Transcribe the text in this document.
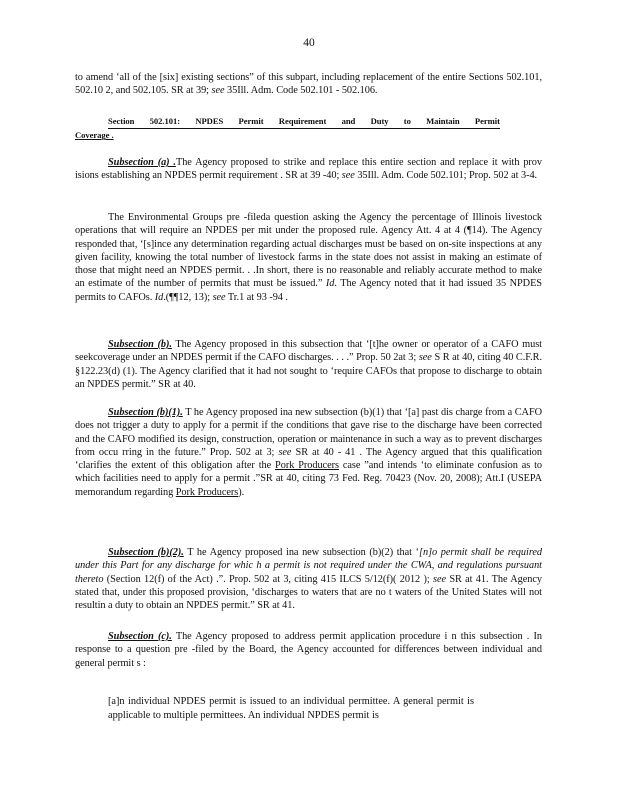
40

to amend ‘all of the [six] existing sections” of this subpart, including replacement of the entire Sections 502.101, 502.10 2, and 502.105. SR at 39; see 35Ill. Adm. Code 502.101 - 502.106.

Section 502.101: NPDES Permit Requirement and Duty to Maintain Permit
Coverage .

Subsection (a) .The Agency proposed to strike and replace this entire section and replace it with prov isions establishing an NPDES permit requirement . SR at 39 -40; see 35Ill. Adm. Code 502.101; Prop. 502 at 3-4.

The Environmental Groups pre -fileda question asking the Agency the percentage of Illinois livestock operations that will require an NPDES per mit under the proposed rule. Agency Att. 4 at 4 (¶14). The Agency responded that, ‘[s]ince any determination regarding actual discharges must be based on on-site inspections at any given facility, knowing the total number of livestock farms in the state does not assist in making an estimate of those that might need an NPDES permit. . .In short, there is no reasonable and reliably accurate method to make an estimate of the number of permits that must be issued.” Id. The Agency noted that it had issued 35 NPDES permits to CAFOs. Id.(¶¶12, 13); see Tr.1 at 93 -94 .

Subsection (b). The Agency proposed in this subsection that ‘[t]he owner or operator of a CAFO must seekcoverage under an NPDES permit if the CAFO discharges. . . .” Prop. 50 2at 3; see S R at 40, citing 40 C.F.R. §122.23(d) (1). The Agency clarified that it had not sought to ‘require CAFOs that propose to discharge to obtain an NPDES permit.” SR at 40.

Subsection (b)(1). T he Agency proposed ina new subsection (b)(1) that ‘[a] past dis charge from a CAFO does not trigger a duty to apply for a permit if the conditions that gave rise to the discharge have been corrected and the CAFO modified its design, construction, operation or maintenance in such a way as to prevent discharges from occu rring in the future.” Prop. 502 at 3; see SR at 40 - 41 . The Agency argued that this qualification ‘clarifies the extent of this obligation after the Pork Producers case ”and intends ‘to eliminate confusion as to which facilities need to apply for a permit .”SR at 40, citing 73 Fed. Reg. 70423 (Nov. 20, 2008); Att.I (USEPA memorandum regarding Pork Producers).

Subsection (b)(2). T he Agency proposed ina new subsection (b)(2) that ‘[n]o permit shall be required under this Part for any discharge for whic h a permit is not required under the CWA, and regulations pursuant thereto (Section 12(f) of the Act) .”. Prop. 502 at 3, citing 415 ILCS 5/12(f)( 2012 ); see SR at 41. The Agency stated that, under this proposed provision, ‘discharges to waters that are no t waters of the United States will not resultin a duty to obtain an NPDES permit.” SR at 41.

Subsection (c). The Agency proposed to address permit application procedure i n this subsection . In response to a question pre -filed by the Board, the Agency accounted for differences between individual and general permit s :

[a]n individual NPDES permit is issued to an individual permittee. A general permit is applicable to multiple permittees. An individual NPDES permit is
